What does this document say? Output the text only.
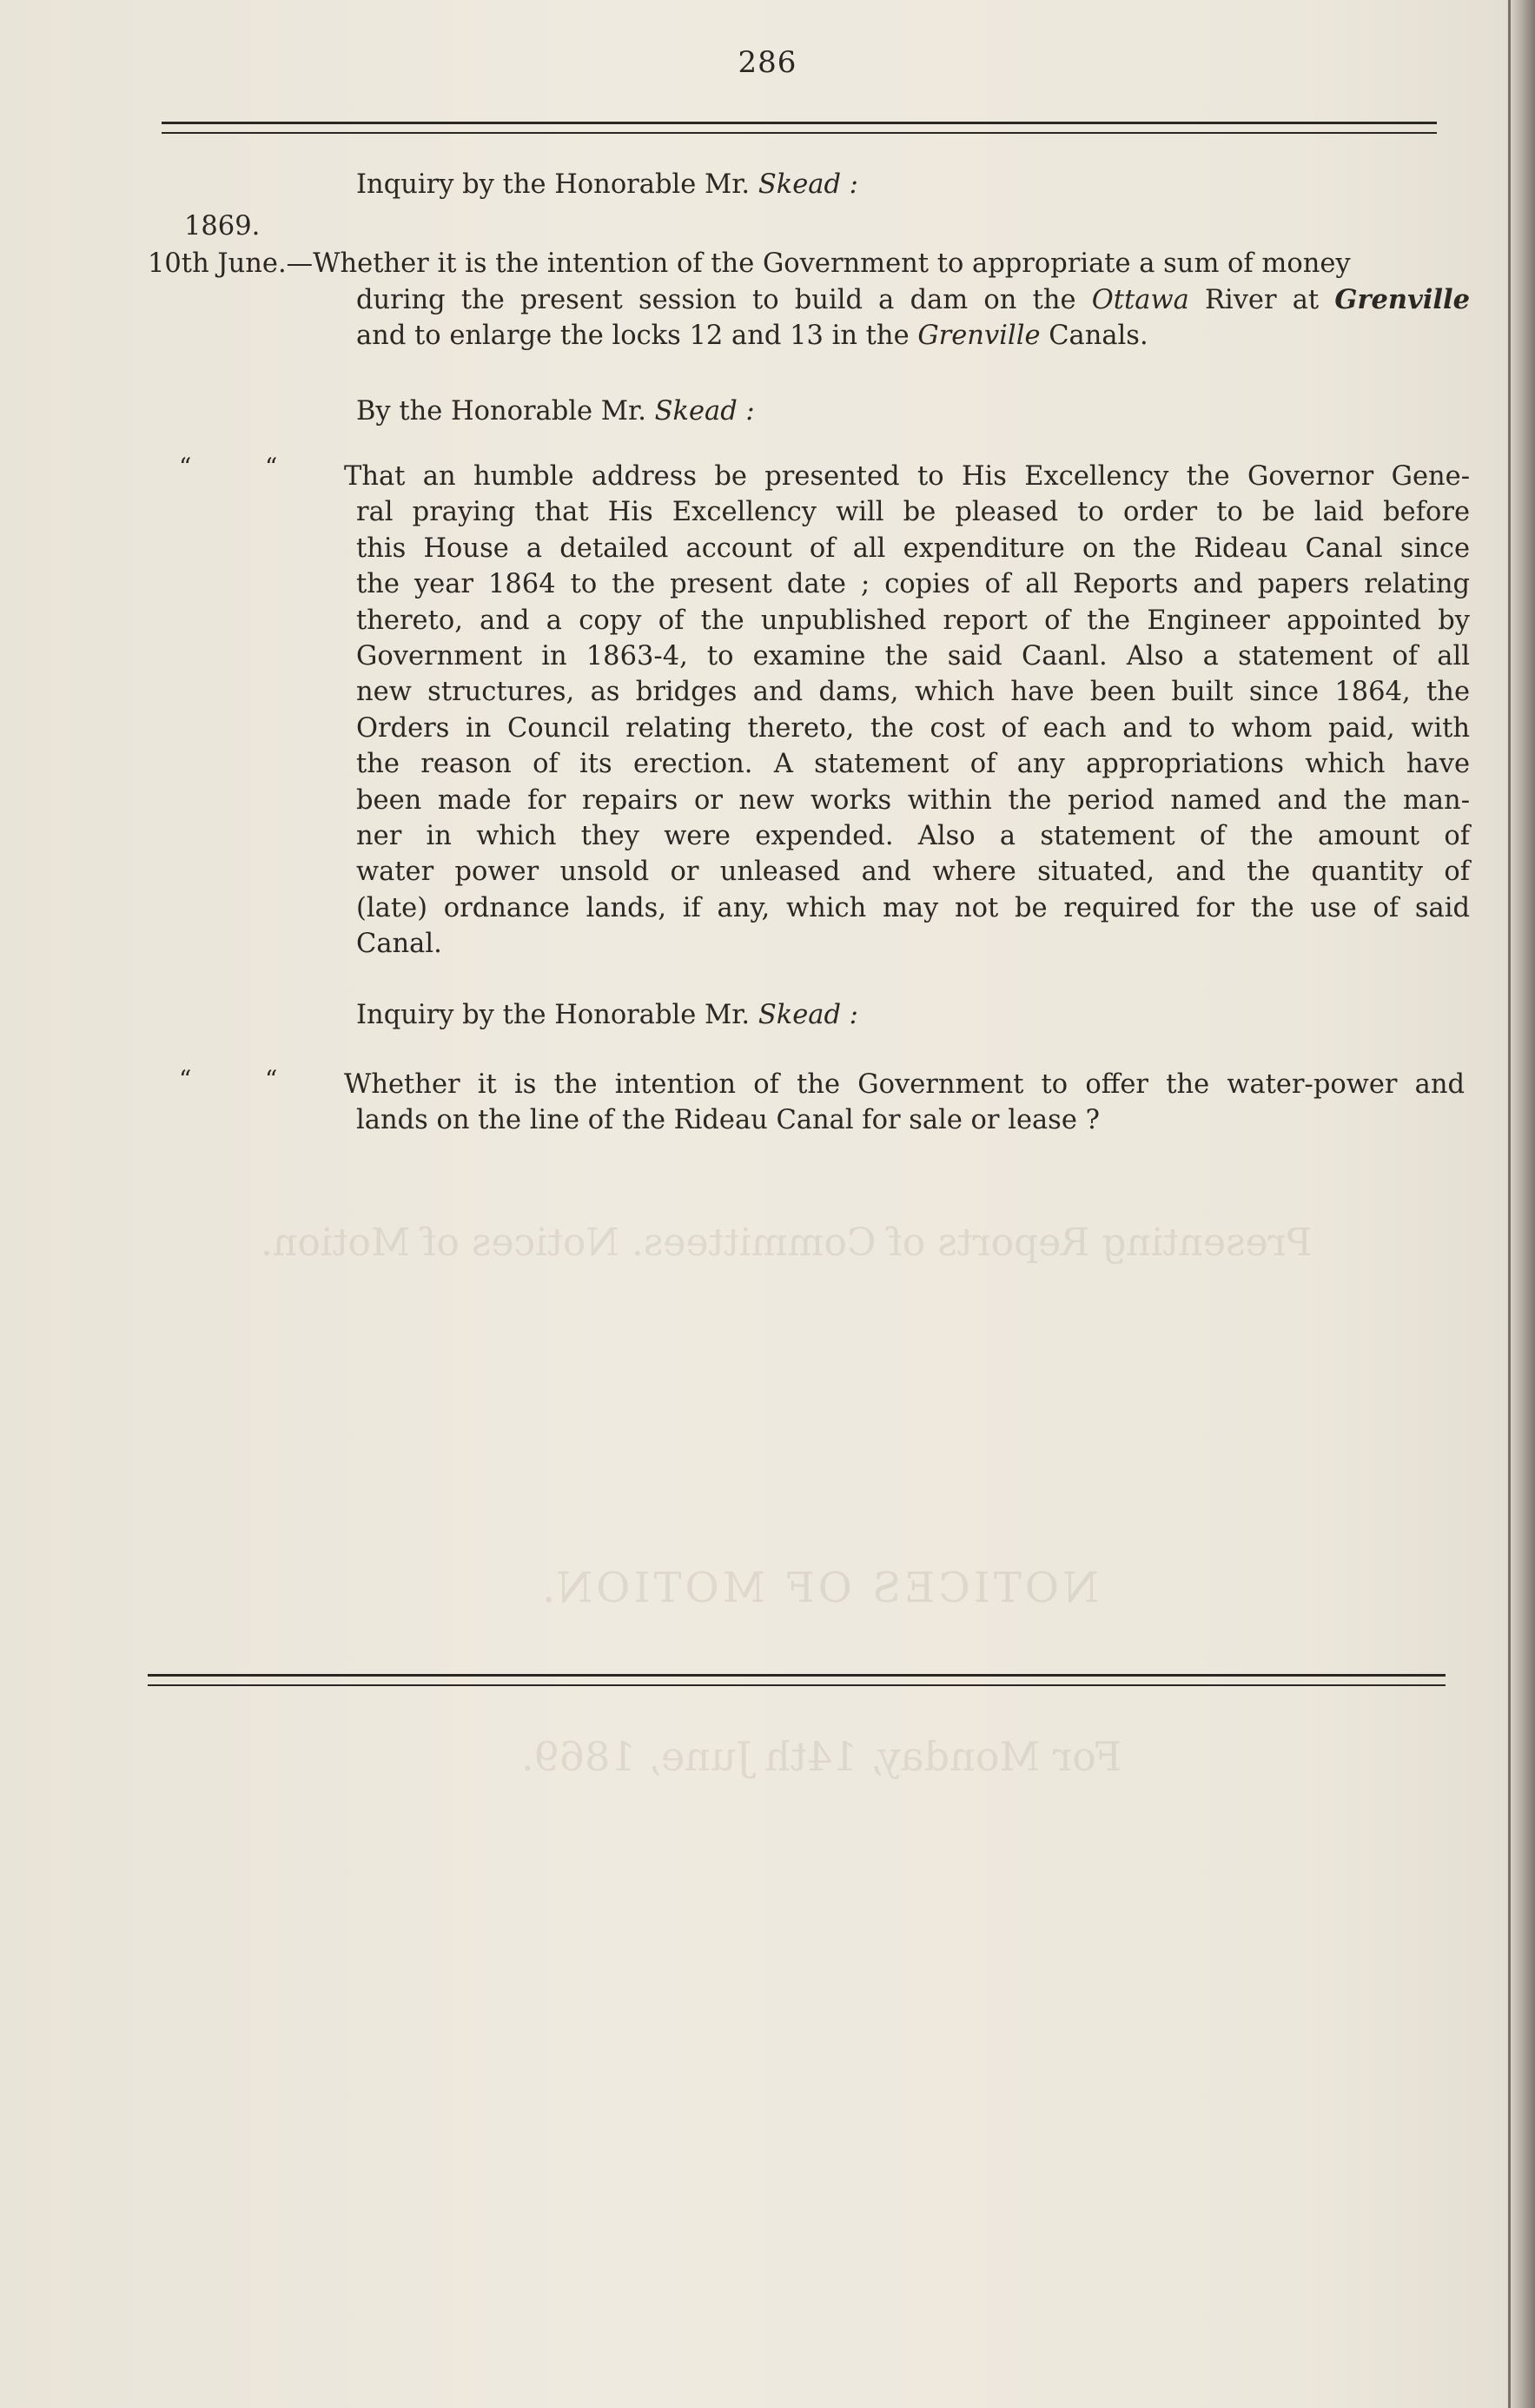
Presenting Reports of Committees. Notices of Motion.
NOTICES OF MOTION.
For Monday, 14th June, 1869.
286
Inquiry by the Honorable Mr. Skead :
1869.
10th June.—Whether it is the intention of the Government to appropriate a sum of money
during the present session to build a dam on the Ottawa River at Grenville
and to enlarge the locks 12 and 13 in the Grenville Canals.
By the Honorable Mr. Skead :
“	“	That an humble address be presented to His Excellency the Governor Gene-
ral praying that His Excellency will be pleased to order to be laid before
this House a detailed account of all expenditure on the Rideau Canal since
the year 1864 to the present date ; copies of all Reports and papers relating
thereto, and a copy of the unpublished report of the Engineer appointed by
Government in 1863-4, to examine the said Caanl. Also a statement of all
new structures, as bridges and dams, which have been built since 1864, the
Orders in Council relating thereto, the cost of each and to whom paid, with
the reason of its erection. A statement of any appropriations which have
been made for repairs or new works within the period named and the man-
ner in which they were expended. Also a statement of the amount of
water power unsold or unleased and where situated, and the quantity of
(late) ordnance lands, if any, which may not be required for the use of said
Canal.
Inquiry by the Honorable Mr. Skead :
“	“	Whether it is the intention of the Government to offer the water-power and
lands on the line of the Rideau Canal for sale or lease ?
